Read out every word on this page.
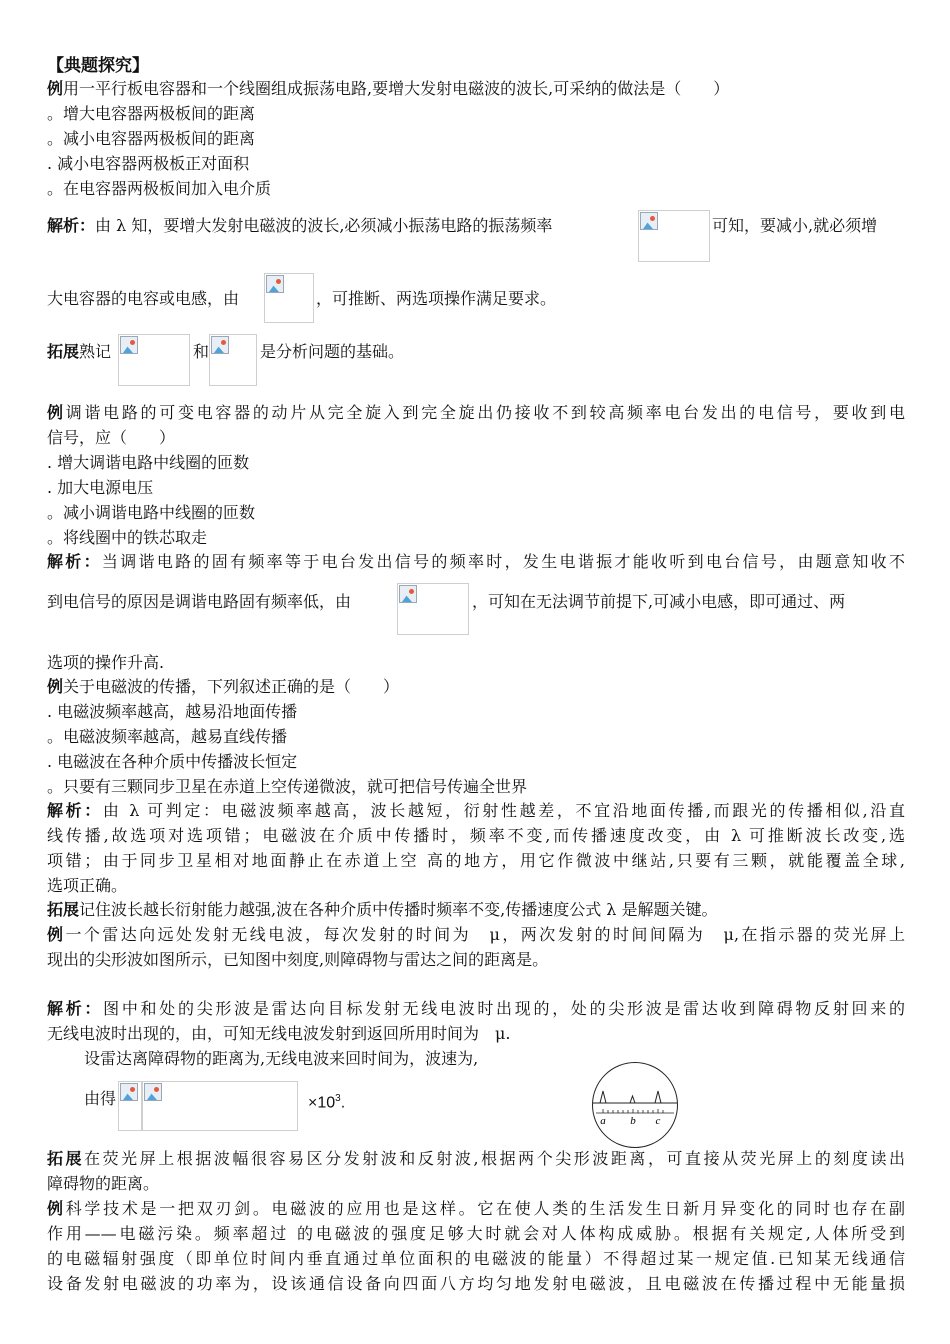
【典题探究】
例用一平行板电容器和一个线圈组成振荡电路,要增大发射电磁波的波长,可采纳的做法是（　　）
。增大电容器两极板间的距离
。减小电容器两极板间的距离
. 减小电容器两极板正对面积
。在电容器两极板间加入电介质
解析：由 λ 知，要增大发射电磁波的波长,必须减小振荡电路的振荡频率	可知，要减小,就必须增
大电容器的电容或电感，由	，可推断、两选项操作满足要求。
拓展熟记	和	是分析问题的基础。
例调谐电路的可变电容器的动片从完全旋入到完全旋出仍接收不到较高频率电台发出的电信号，要收到电
信号，应（　　）
. 增大调谐电路中线圈的匝数
. 加大电源电压
。减小调谐电路中线圈的匝数
。将线圈中的铁芯取走
解析：当调谐电路的固有频率等于电台发出信号的频率时，发生电谐振才能收听到电台信号，由题意知收不
到电信号的原因是调谐电路固有频率低，由	，可知在无法调节前提下,可减小电感，即可通过、两
选项的操作升高.
例关于电磁波的传播，下列叙述正确的是（　　）
. 电磁波频率越高，越易沿地面传播
。电磁波频率越高，越易直线传播
. 电磁波在各种介质中传播波长恒定
。只要有三颗同步卫星在赤道上空传递微波，就可把信号传遍全世界
解析：由 λ 可判定：电磁波频率越高，波长越短，衍射性越差，不宜沿地面传播,而跟光的传播相似,沿直
线传播,故选项对选项错；电磁波在介质中传播时，频率不变,而传播速度改变，由 λ 可推断波长改变,选
项错；由于同步卫星相对地面静止在赤道上空 高的地方，用它作微波中继站,只要有三颗，就能覆盖全球,
选项正确。
拓展记住波长越长衍射能力越强,波在各种介质中传播时频率不变,传播速度公式 λ 是解题关键。
例一个雷达向远处发射无线电波，每次发射的时间为　μ，两次发射的时间间隔为　μ,在指示器的荧光屏上
现出的尖形波如图所示，已知图中刻度,则障碍物与雷达之间的距离是。
解析：图中和处的尖形波是雷达向目标发射无线电波时出现的，处的尖形波是雷达收到障碍物反射回来的
无线电波时出现的，由，可知无线电波发射到返回所用时间为　μ.
设雷达离障碍物的距离为,无线电波来回时间为，波速为,
由得	$\times 10^3$.
a b c
拓展在荧光屏上根据波幅很容易区分发射波和反射波,根据两个尖形波距离，可直接从荧光屏上的刻度读出
障碍物的距离。
例科学技术是一把双刃剑。电磁波的应用也是这样。它在使人类的生活发生日新月异变化的同时也存在副
作用——电磁污染。频率超过 的电磁波的强度足够大时就会对人体构成威胁。根据有关规定,人体所受到
的电磁辐射强度（即单位时间内垂直通过单位面积的电磁波的能量）不得超过某一规定值.已知某无线通信
设备发射电磁波的功率为，设该通信设备向四面八方均匀地发射电磁波，且电磁波在传播过程中无能量损
